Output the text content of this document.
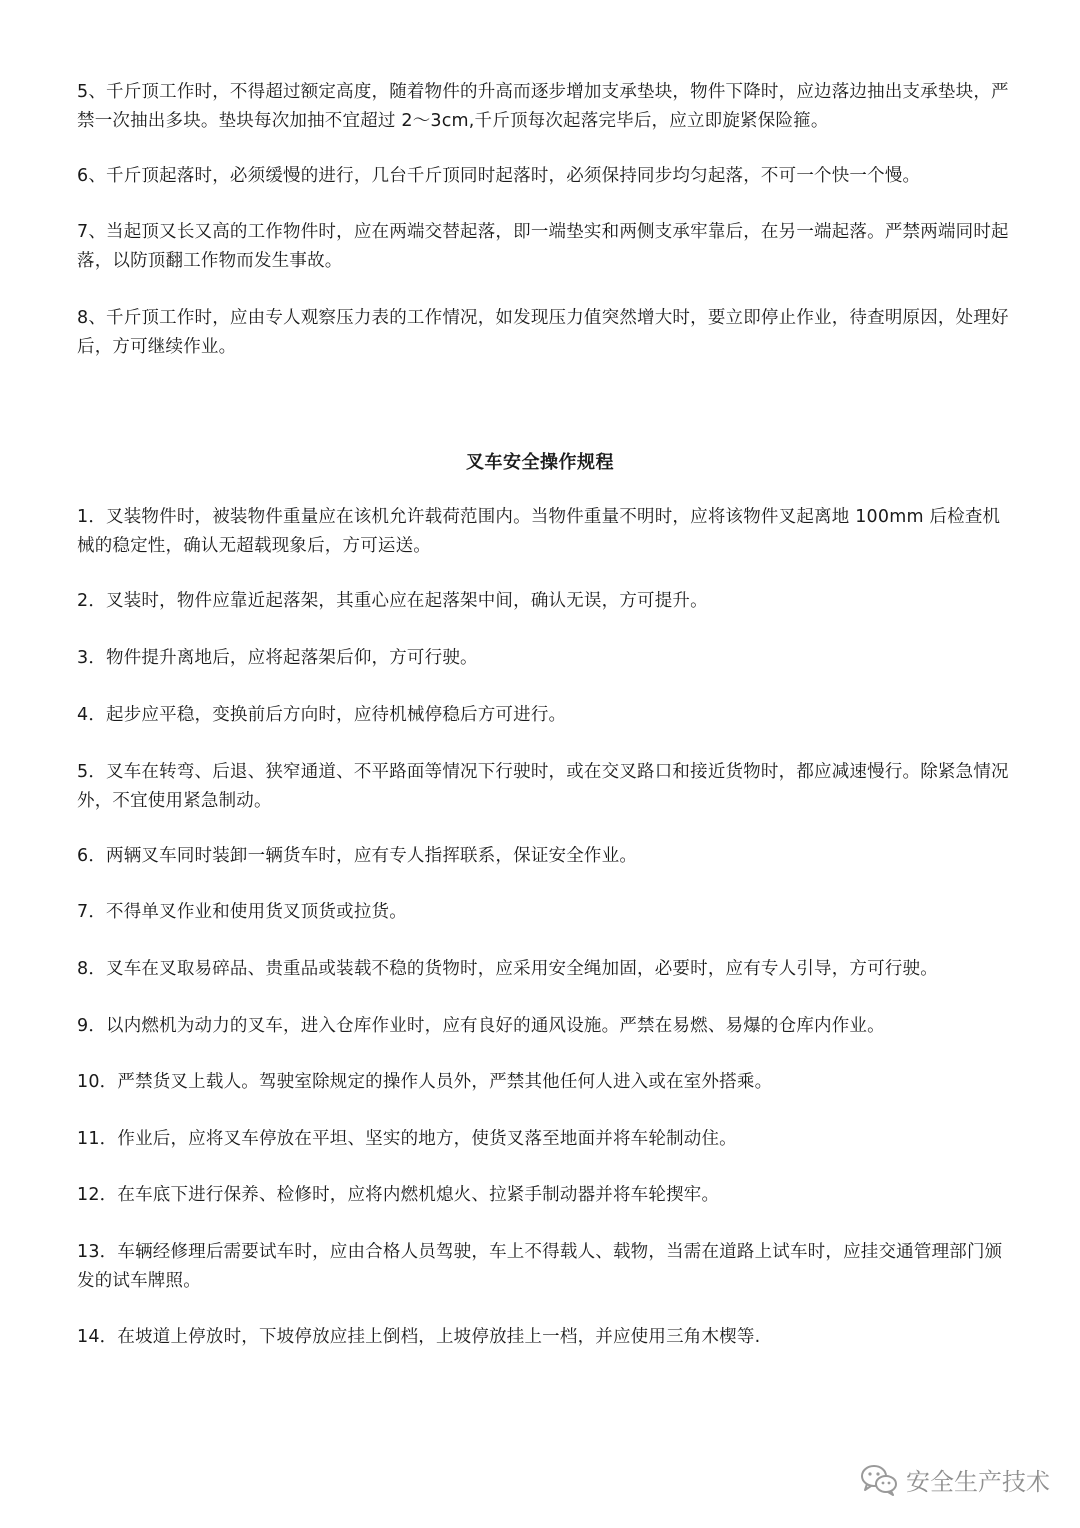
5、千斤顶工作时，不得超过额定高度，随着物件的升高而逐步增加支承垫块，物件下降时，应边落边抽出支承垫块，严禁一次抽出多块。垫块每次加抽不宜超过 2～3cm,千斤顶每次起落完毕后，应立即旋紧保险箍。

6、千斤顶起落时，必须缓慢的进行，几台千斤顶同时起落时，必须保持同步均匀起落，不可一个快一个慢。

7、当起顶又长又高的工作物件时，应在两端交替起落，即一端垫实和两侧支承牢靠后，在另一端起落。严禁两端同时起落，以防顶翻工作物而发生事故。

8、千斤顶工作时，应由专人观察压力表的工作情况，如发现压力值突然增大时，要立即停止作业，待查明原因，处理好后，方可继续作业。

叉车安全操作规程

1．叉装物件时，被装物件重量应在该机允许载荷范围内。当物件重量不明时，应将该物件叉起离地 100mm 后检查机械的稳定性，确认无超载现象后，方可运送。

2．叉装时，物件应靠近起落架，其重心应在起落架中间，确认无误，方可提升。

3．物件提升离地后，应将起落架后仰，方可行驶。

4．起步应平稳，变换前后方向时，应待机械停稳后方可进行。

5．叉车在转弯、后退、狭窄通道、不平路面等情况下行驶时，或在交叉路口和接近货物时，都应减速慢行。除紧急情况外，不宜使用紧急制动。

6．两辆叉车同时装卸一辆货车时，应有专人指挥联系，保证安全作业。

7．不得单叉作业和使用货叉顶货或拉货。

8．叉车在叉取易碎品、贵重品或装载不稳的货物时，应采用安全绳加固，必要时，应有专人引导，方可行驶。

9．以内燃机为动力的叉车，进入仓库作业时，应有良好的通风设施。严禁在易燃、易爆的仓库内作业。

10．严禁货叉上载人。驾驶室除规定的操作人员外，严禁其他任何人进入或在室外搭乘。

11．作业后，应将叉车停放在平坦、坚实的地方，使货叉落至地面并将车轮制动住。

12．在车底下进行保养、检修时，应将内燃机熄火、拉紧手制动器并将车轮揳牢。

13．车辆经修理后需要试车时，应由合格人员驾驶，车上不得载人、载物，当需在道路上试车时，应挂交通管理部门颁发的试车牌照。

14．在坡道上停放时，下坡停放应挂上倒档，上坡停放挂上一档，并应使用三角木楔等.

安全生产技术
